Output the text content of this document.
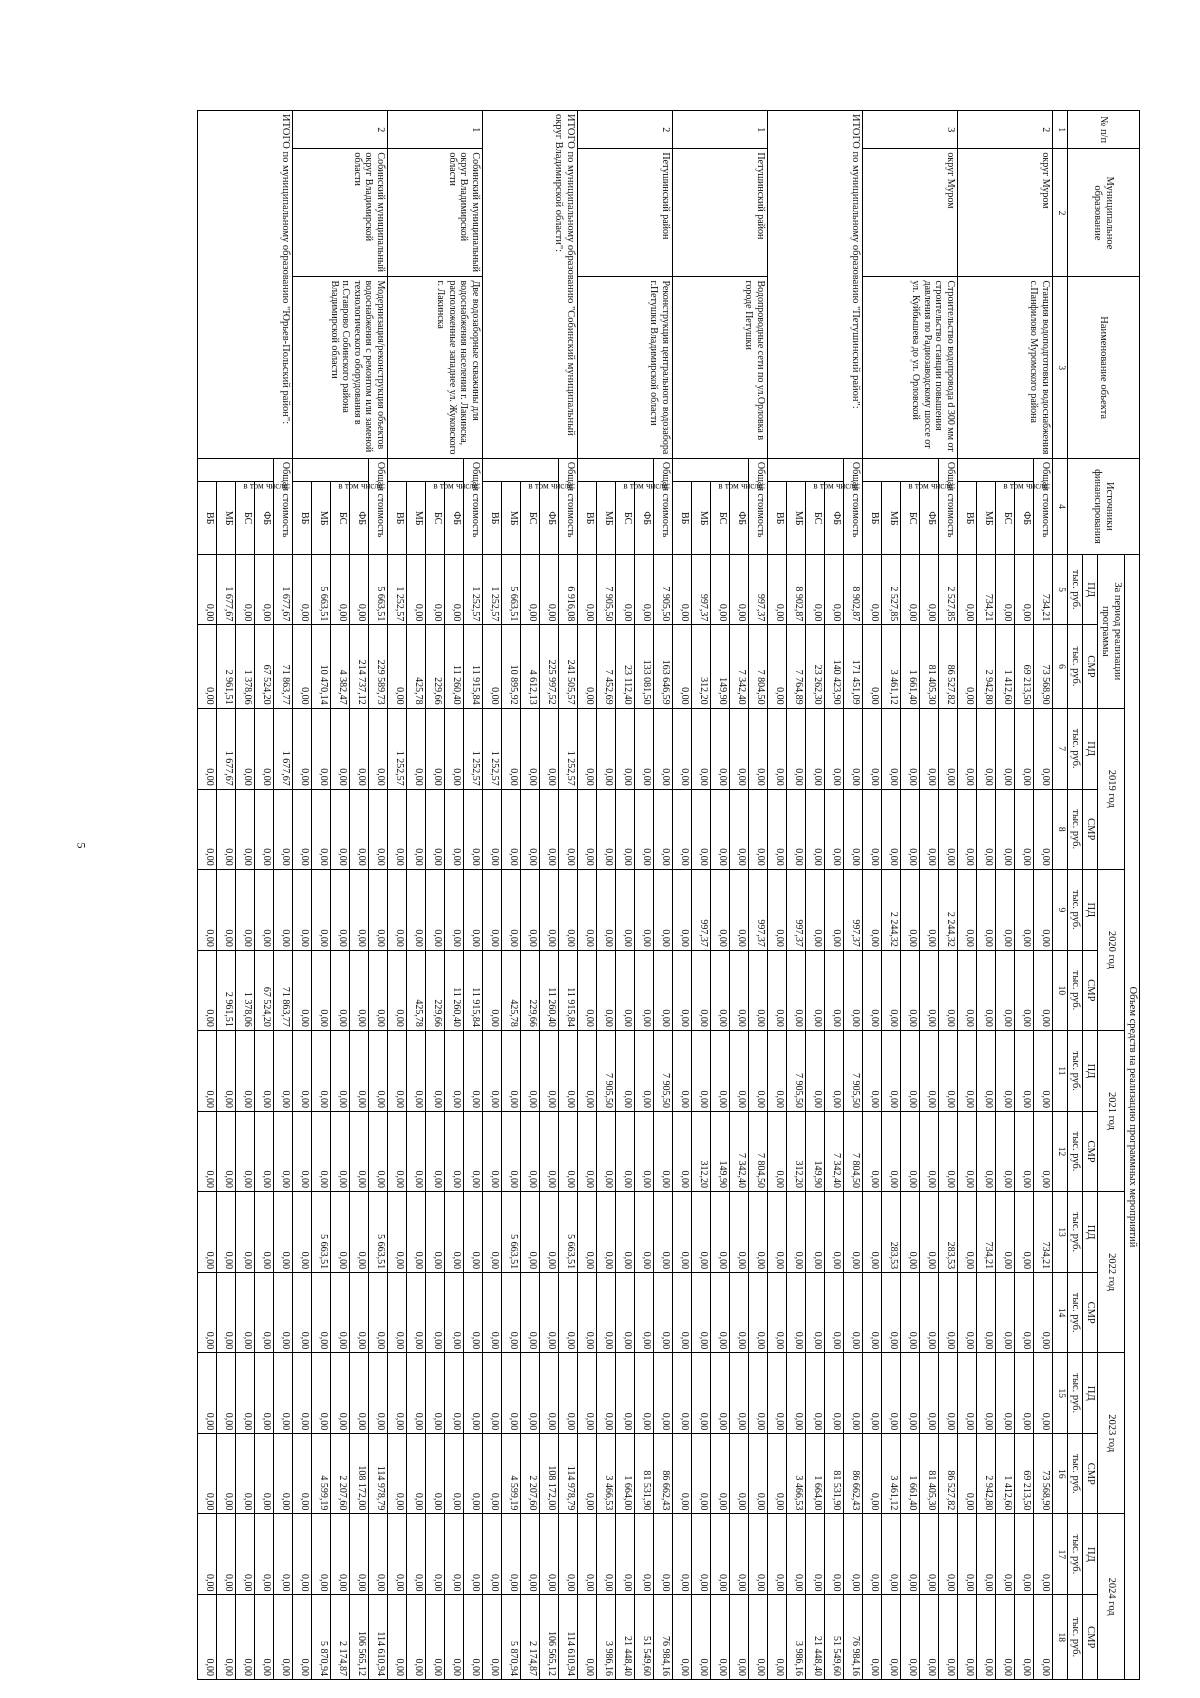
5
№ п/п	Муниципальное образование	Наименование объекта	Источники финансирования		Объем средств на реализацию программных мероприятий													
					За период реализации программы		2019 год		2020 год		2021 год		2022 год		2023 год		2024 год	
					ПД	СМР	ПД	СМР	ПД	СМР	ПД	СМР	ПД	СМР	ПД	СМР	ПД	СМР
					тыс. руб.	тыс. руб.	тыс. руб.	тыс. руб.	тыс. руб.	тыс. руб.	тыс. руб.	тыс. руб.	тыс. руб.	тыс. руб.	тыс. руб.	тыс. руб.	тыс. руб.	тыс. руб.
1	2	3	4		5	6	7	8	9	10	11	12	13	14	15	16	17	18
2	округ Муром	Станция водоподготовки водоснабжения с.Панфилово Муромского района	Общая стоимость		734,21	73 568,90	0,00	0,00	0,00	0,00	0,00	0,00	734,21	0,00	0,00	73 568,90	0,00	0,00
			в том числе:	ФБ	0,00	69 213,50	0,00	0,00	0,00	0,00	0,00	0,00	0,00	0,00	0,00	69 213,50	0,00	0,00
				БС	0,00	1 412,60	0,00	0,00	0,00	0,00	0,00	0,00	0,00	0,00	0,00	1 412,60	0,00	0,00
				МБ	734,21	2 942,80	0,00	0,00	0,00	0,00	0,00	0,00	734,21	0,00	0,00	2 942,80	0,00	0,00
				ВБ	0,00	0,00	0,00	0,00	0,00	0,00	0,00	0,00	0,00	0,00	0,00	0,00	0,00	0,00
3	округ Муром	Строительство водопровода d 300 мм от строительство станции повышения давления по Радиозаводскому шоссе от ул. Куйбышева до ул. Орловской	Общая стоимость		2 527,85	86 527,82	0,00	0,00	2 244,32	0,00	0,00	0,00	283,53	0,00	0,00	86 527,82	0,00	0,00
			в том числе:	ФБ	0,00	81 405,30	0,00	0,00	0,00	0,00	0,00	0,00	0,00	0,00	0,00	81 405,30	0,00	0,00
				БС	0,00	1 661,40	0,00	0,00	0,00	0,00	0,00	0,00	0,00	0,00	0,00	1 661,40	0,00	0,00
				МБ	2 527,85	3 461,12	0,00	0,00	2 244,32	0,00	0,00	0,00	283,53	0,00	0,00	3 461,12	0,00	0,00
				ВБ	0,00	0,00	0,00	0,00	0,00	0,00	0,00	0,00	0,00	0,00	0,00	0,00	0,00	0,00
ИТОГО по муниципальному образованию "Петушинский район":			Общая стоимость		8 902,87	171 451,09	0,00	0,00	997,37	0,00	7 905,50	7 804,50	0,00	0,00	0,00	86 662,43	0,00	76 984,16
			в том числе:	ФБ	0,00	140 423,90	0,00	0,00	0,00	0,00	0,00	7 342,40	0,00	0,00	0,00	81 531,90	0,00	51 549,60
				БС	0,00	23 262,30	0,00	0,00	0,00	0,00	0,00	149,90	0,00	0,00	0,00	1 664,00	0,00	21 448,40
				МБ	8 902,87	7 764,89	0,00	0,00	997,37	0,00	7 905,50	312,20	0,00	0,00	0,00	3 466,53	0,00	3 986,16
				ВБ	0,00	0,00	0,00	0,00	0,00	0,00	0,00	0,00	0,00	0,00	0,00	0,00	0,00	0,00
1	Петушинский район	Водопроводные сети по ул.Орловка в городе Петушки	Общая стоимость		997,37	7 804,50	0,00	0,00	997,37	0,00	0,00	7 804,50	0,00	0,00	0,00	0,00	0,00	0,00
			в том числе:	ФБ	0,00	7 342,40	0,00	0,00	0,00	0,00	0,00	7 342,40	0,00	0,00	0,00	0,00	0,00	0,00
				БС	0,00	149,90	0,00	0,00	0,00	0,00	0,00	149,90	0,00	0,00	0,00	0,00	0,00	0,00
				МБ	997,37	312,20	0,00	0,00	997,37	0,00	0,00	312,20	0,00	0,00	0,00	0,00	0,00	0,00
				ВБ	0,00	0,00	0,00	0,00	0,00	0,00	0,00	0,00	0,00	0,00	0,00	0,00	0,00	0,00
2	Петушинский район	Реконструкция центрального водозабора г.Петушки Владимирской области	Общая стоимость		7 905,50	163 646,59	0,00	0,00	0,00	0,00	7 905,50	0,00	0,00	0,00	0,00	86 662,43	0,00	76 984,16
			в том числе:	ФБ	0,00	133 081,50	0,00	0,00	0,00	0,00	0,00	0,00	0,00	0,00	0,00	81 531,90	0,00	51 549,60
				БС	0,00	23 112,40	0,00	0,00	0,00	0,00	0,00	0,00	0,00	0,00	0,00	1 664,00	0,00	21 448,40
				МБ	7 905,50	7 452,69	0,00	0,00	0,00	0,00	7 905,50	0,00	0,00	0,00	0,00	3 466,53	0,00	3 986,16
				ВБ	0,00	0,00	0,00	0,00	0,00	0,00	0,00	0,00	0,00	0,00	0,00	0,00	0,00	0,00
ИТОГО по муниципальному образованию "Собинский муниципальный округ Владимирской области":			Общая стоимость		6 916,08	241 505,57	1 252,57	0,00	0,00	11 915,84	0,00	0,00	5 663,51	0,00	0,00	114 978,79	0,00	114 610,94
			в том числе:	ФБ	0,00	225 997,52	0,00	0,00	0,00	11 260,40	0,00	0,00	0,00	0,00	0,00	108 172,00	0,00	106 565,12
				БС	0,00	4 612,13	0,00	0,00	0,00	229,66	0,00	0,00	0,00	0,00	0,00	2 207,60	0,00	2 174,87
				МБ	5 663,51	10 895,92	0,00	0,00	0,00	425,78	0,00	0,00	5 663,51	0,00	0,00	4 599,19	0,00	5 870,94
				ВБ	1 252,57	0,00	1 252,57	0,00	0,00	0,00	0,00	0,00	0,00	0,00	0,00	0,00	0,00	0,00
1	Собинский муниципальный округ Владимирской области	Две водозаборные скважины для водоснабжения населения г. Лакинска, расположенные западнее ул. Жуковского г. Лакинска	Общая стоимость		1 252,57	11 915,84	1 252,57	0,00	0,00	11 915,84	0,00	0,00	0,00	0,00	0,00	0,00	0,00	0,00
			в том числе:	ФБ	0,00	11 260,40	0,00	0,00	0,00	11 260,40	0,00	0,00	0,00	0,00	0,00	0,00	0,00	0,00
				БС	0,00	229,66	0,00	0,00	0,00	229,66	0,00	0,00	0,00	0,00	0,00	0,00	0,00	0,00
				МБ	0,00	425,78	0,00	0,00	0,00	425,78	0,00	0,00	0,00	0,00	0,00	0,00	0,00	0,00
				ВБ	1 252,57	0,00	1 252,57	0,00	0,00	0,00	0,00	0,00	0,00	0,00	0,00	0,00	0,00	0,00
2	Собинский муниципальный округ Владимирской области	Модернизация/реконструкция объектов водоснабжения с ремонтом или заменой технологического оборудования в п.Ставрово Собинского района Владимирской области	Общая стоимость		5 663,51	229 589,73	0,00	0,00	0,00	0,00	0,00	0,00	5 663,51	0,00	0,00	114 978,79	0,00	114 610,94
			в том числе:	ФБ	0,00	214 737,12	0,00	0,00	0,00	0,00	0,00	0,00	0,00	0,00	0,00	108 172,00	0,00	106 565,12
				БС	0,00	4 382,47	0,00	0,00	0,00	0,00	0,00	0,00	0,00	0,00	0,00	2 207,60	0,00	2 174,87
				МБ	5 663,51	10 470,14	0,00	0,00	0,00	0,00	0,00	0,00	5 663,51	0,00	0,00	4 599,19	0,00	5 870,94
				ВБ	0,00	0,00	0,00	0,00	0,00	0,00	0,00	0,00	0,00	0,00	0,00	0,00	0,00	0,00
ИТОГО по муниципальному образованию "Юрьев-Польский район":			Общая стоимость		1 677,67	71 863,77	1 677,67	0,00	0,00	71 863,77	0,00	0,00	0,00	0,00	0,00	0,00	0,00	0,00
			в том числе:	ФБ	0,00	67 524,20	0,00	0,00	0,00	67 524,20	0,00	0,00	0,00	0,00	0,00	0,00	0,00	0,00
				БС	0,00	1 378,06	0,00	0,00	0,00	1 378,06	0,00	0,00	0,00	0,00	0,00	0,00	0,00	0,00
				МБ	1 677,67	2 961,51	1 677,67	0,00	0,00	2 961,51	0,00	0,00	0,00	0,00	0,00	0,00	0,00	0,00
				ВБ	0,00	0,00	0,00	0,00	0,00	0,00	0,00	0,00	0,00	0,00	0,00	0,00	0,00	0,00
